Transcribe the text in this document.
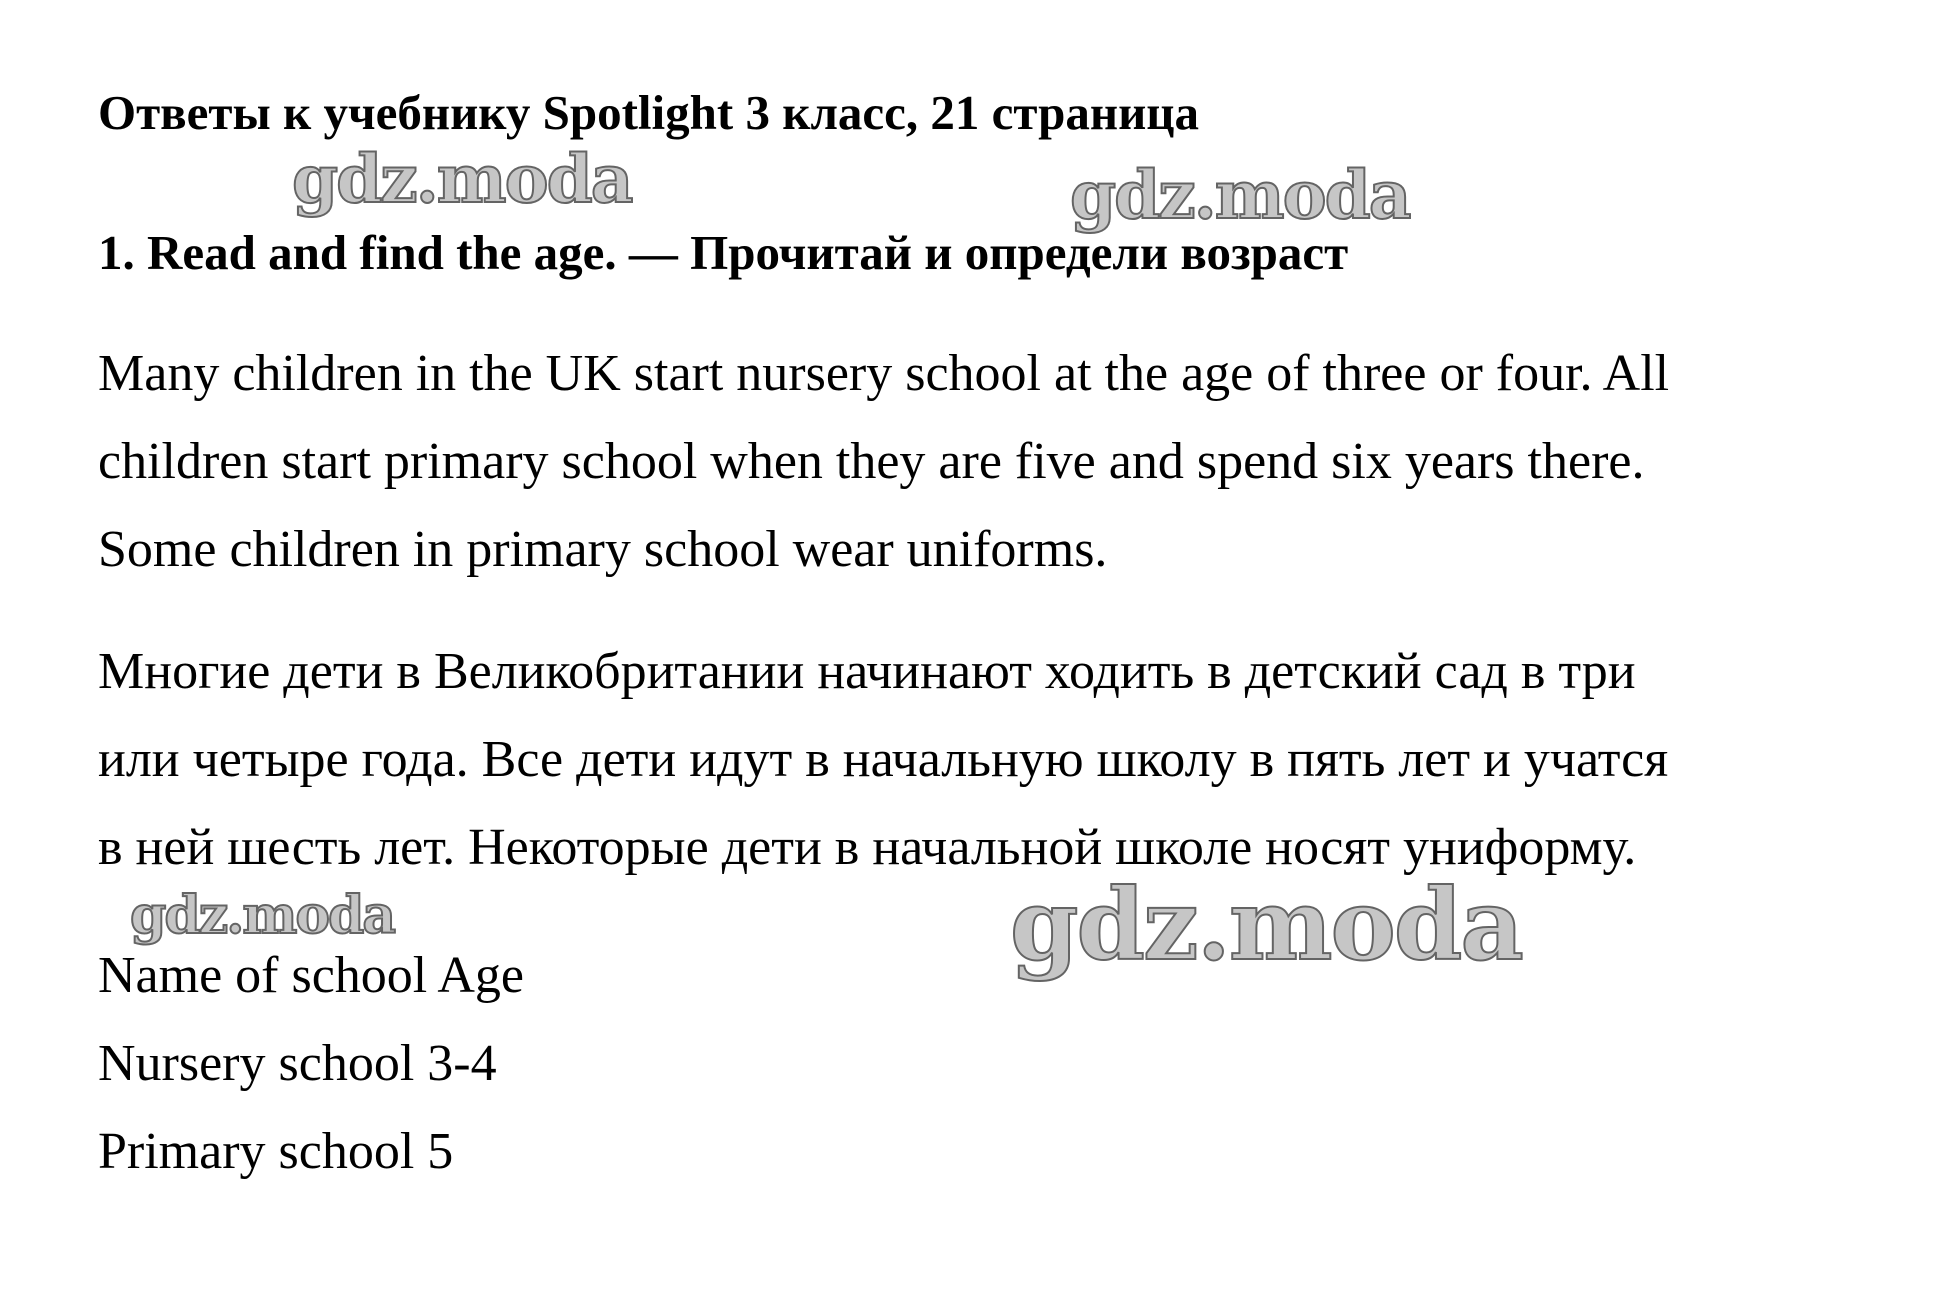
Ответы к учебнику Spotlight 3 класс, 21 страница
gdz.moda	gdz.moda
1. Read and find the age. — Прочитай и определи возраст
Many children in the UK start nursery school at the age of three or four. All
children start primary school when they are five and spend six years there.
Some children in primary school wear uniforms.
Многие дети в Великобритании начинают ходить в детский сад в три
или четыре года. Все дети идут в начальную школу в пять лет и учатся
в ней шесть лет. Некоторые дети в начальной школе носят униформу.
gdz.moda	gdz.moda
Name of school Age
Nursery school 3-4
Primary school 5
